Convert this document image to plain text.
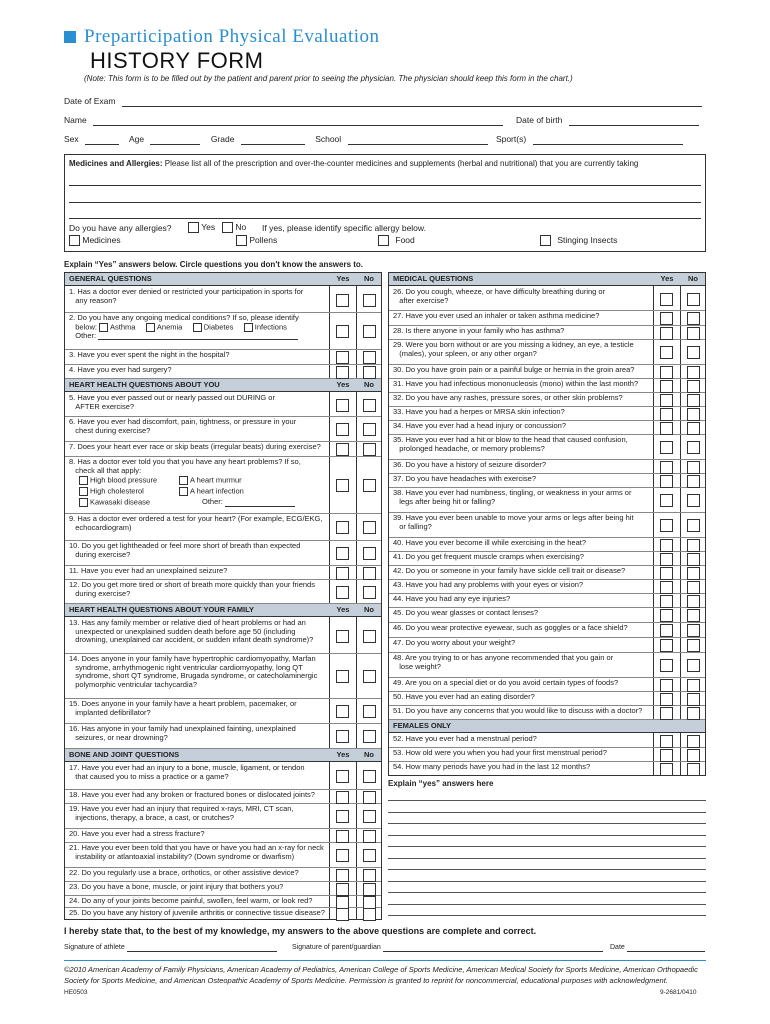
Preparticipation Physical Evaluation
HISTORY FORM
(Note: This form is to be filled out by the patient and parent prior to seeing the physician. The physician should keep this form in the chart.)
Date of Exam
Name	Date of birth
Sex	Age	Grade	School	Sport(s)
Medicines and Allergies: Please list all of the prescription and over-the-counter medicines and supplements (herbal and nutritional) that you are currently taking
Do you have any allergies?	Yes	No If yes, please identify specific allergy below.
Medicines	Pollens	Food	Stinging Insects
Explain “Yes” answers below. Circle questions you don't know the answers to.
GENERAL QUESTIONS	Yes	No
1. Has a doctor ever denied or restricted your participation in sports for
any reason?
2. Do you have any ongoing medical conditions? If so, please identify
below: Asthma	Anemia	Diabetes	Infections
Other:
3. Have you ever spent the night in the hospital?
4. Have you ever had surgery?
HEART HEALTH QUESTIONS ABOUT YOU	Yes	No
5. Have you ever passed out or nearly passed out DURING or
AFTER exercise?
6. Have you ever had discomfort, pain, tightness, or pressure in your
chest during exercise?
7. Does your heart ever race or skip beats (irregular beats) during exercise?
8. Has a doctor ever told you that you have any heart problems? If so,
check all that apply:
High blood pressure	A heart murmur
High cholesterol	A heart infection
Kawasaki disease	Other:
9. Has a doctor ever ordered a test for your heart? (For example, ECG/EKG,
echocardiogram)
10. Do you get lightheaded or feel more short of breath than expected
during exercise?
11. Have you ever had an unexplained seizure?
12. Do you get more tired or short of breath more quickly than your friends
during exercise?
HEART HEALTH QUESTIONS ABOUT YOUR FAMILY	Yes	No
13. Has any family member or relative died of heart problems or had an
unexpected or unexplained sudden death before age 50 (including
drowning, unexplained car accident, or sudden infant death syndrome)?
14. Does anyone in your family have hypertrophic cardiomyopathy, Marfan
syndrome, arrhythmogenic right ventricular cardiomyopathy, long QT
syndrome, short QT syndrome, Brugada syndrome, or catecholaminergic
polymorphic ventricular tachycardia?
15. Does anyone in your family have a heart problem, pacemaker, or
implanted defibrillator?
16. Has anyone in your family had unexplained fainting, unexplained
seizures, or near drowning?
BONE AND JOINT QUESTIONS	Yes	No
17. Have you ever had an injury to a bone, muscle, ligament, or tendon
that caused you to miss a practice or a game?
18. Have you ever had any broken or fractured bones or dislocated joints?
19. Have you ever had an injury that required x-rays, MRI, CT scan,
injections, therapy, a brace, a cast, or crutches?
20. Have you ever had a stress fracture?
21. Have you ever been told that you have or have you had an x-ray for neck
instability or atlantoaxial instability? (Down syndrome or dwarfism)
22. Do you regularly use a brace, orthotics, or other assistive device?
23. Do you have a bone, muscle, or joint injury that bothers you?
24. Do any of your joints become painful, swollen, feel warm, or look red?
25. Do you have any history of juvenile arthritis or connective tissue disease?
MEDICAL QUESTIONS	Yes	No
26. Do you cough, wheeze, or have difficulty breathing during or
after exercise?
27. Have you ever used an inhaler or taken asthma medicine?
28. Is there anyone in your family who has asthma?
29. Were you born without or are you missing a kidney, an eye, a testicle
(males), your spleen, or any other organ?
30. Do you have groin pain or a painful bulge or hernia in the groin area?
31. Have you had infectious mononucleosis (mono) within the last month?
32. Do you have any rashes, pressure sores, or other skin problems?
33. Have you had a herpes or MRSA skin infection?
34. Have you ever had a head injury or concussion?
35. Have you ever had a hit or blow to the head that caused confusion,
prolonged headache, or memory problems?
36. Do you have a history of seizure disorder?
37. Do you have headaches with exercise?
38. Have you ever had numbness, tingling, or weakness in your arms or
legs after being hit or falling?
39. Have you ever been unable to move your arms or legs after being hit
or falling?
40. Have you ever become ill while exercising in the heat?
41. Do you get frequent muscle cramps when exercising?
42. Do you or someone in your family have sickle cell trait or disease?
43. Have you had any problems with your eyes or vision?
44. Have you had any eye injuries?
45. Do you wear glasses or contact lenses?
46. Do you wear protective eyewear, such as goggles or a face shield?
47. Do you worry about your weight?
48. Are you trying to or has anyone recommended that you gain or
lose weight?
49. Are you on a special diet or do you avoid certain types of foods?
50. Have you ever had an eating disorder?
51. Do you have any concerns that you would like to discuss with a doctor?
FEMALES ONLY
52. Have you ever had a menstrual period?
53. How old were you when you had your first menstrual period?
54. How many periods have you had in the last 12 months?
Explain “yes” answers here
I hereby state that, to the best of my knowledge, my answers to the above questions are complete and correct.
Signature of athlete	Signature of parent/guardian	Date
©2010 American Academy of Family Physicians, American Academy of Pediatrics, American College of Sports Medicine, American Medical Society for Sports Medicine, American Orthopaedic Society for Sports Medicine, and American Osteopathic Academy of Sports Medicine. Permission is granted to reprint for noncommercial, educational purposes with acknowledgment.
HE0503	9-2681/0410
